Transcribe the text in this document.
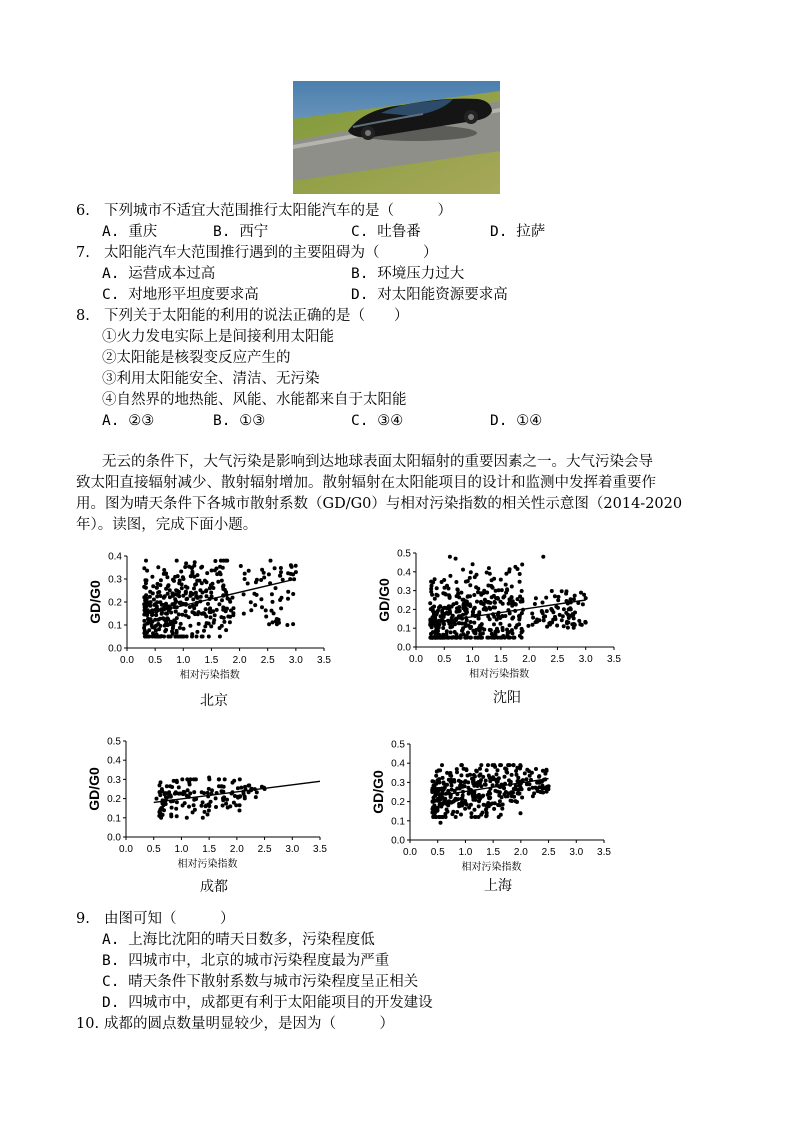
6. 下列城市不适宜大范围推行太阳能汽车的是（　　　）
A. 重庆	B. 西宁	C. 吐鲁番	D. 拉萨
7. 太阳能汽车大范围推行遇到的主要阻碍为（　　　）
A. 运营成本过高	B. 环境压力过大
C. 对地形平坦度要求高	D. 对太阳能资源要求高
8. 下列关于太阳能的利用的说法正确的是（　　）
①火力发电实际上是间接利用太阳能
②太阳能是核裂变反应产生的
③利用太阳能安全、清洁、无污染
④自然界的地热能、风能、水能都来自于太阳能
A. ②③	B. ①③	C. ③④	D. ①④
无云的条件下，大气污染是影响到达地球表面太阳辐射的重要因素之一。大气污染会导
致太阳直接辐射减少、散射辐射增加。散射辐射在太阳能项目的设计和监测中发挥着重要作
用。图为晴天条件下各城市散射系数（GD/G0）与相对污染指数的相关性示意图（2014-2020
年）。读图，完成下面小题。
0.0 0.5 1.0 1.5 2.0 2.5 3.0 3.5
0.0
0.1
0.2
0.3
0.4
相对污染指数
GD/G0
北京
0.0 0.5 1.0 1.5 2.0 2.5 3.0 3.5
0.0
0.1
0.2
0.3
0.4
0.5
相对污染指数
GD/G0
沈阳
0.0 0.5 1.0 1.5 2.0 2.5 3.0 3.5
0.0
0.1
0.2
0.3
0.4
0.5
相对污染指数
GD/G0
成都
0.0 0.5 1.0 1.5 2.0 2.5 3.0 3.5
0.0
0.1
0.2
0.3
0.4
0.5
相对污染指数
GD/G0
上海
9. 由图可知（　　　）
A. 上海比沈阳的晴天日数多，污染程度低
B. 四城市中，北京的城市污染程度最为严重
C. 晴天条件下散射系数与城市污染程度呈正相关
D. 四城市中，成都更有利于太阳能项目的开发建设
10. 成都的圆点数量明显较少，是因为（　　　）
